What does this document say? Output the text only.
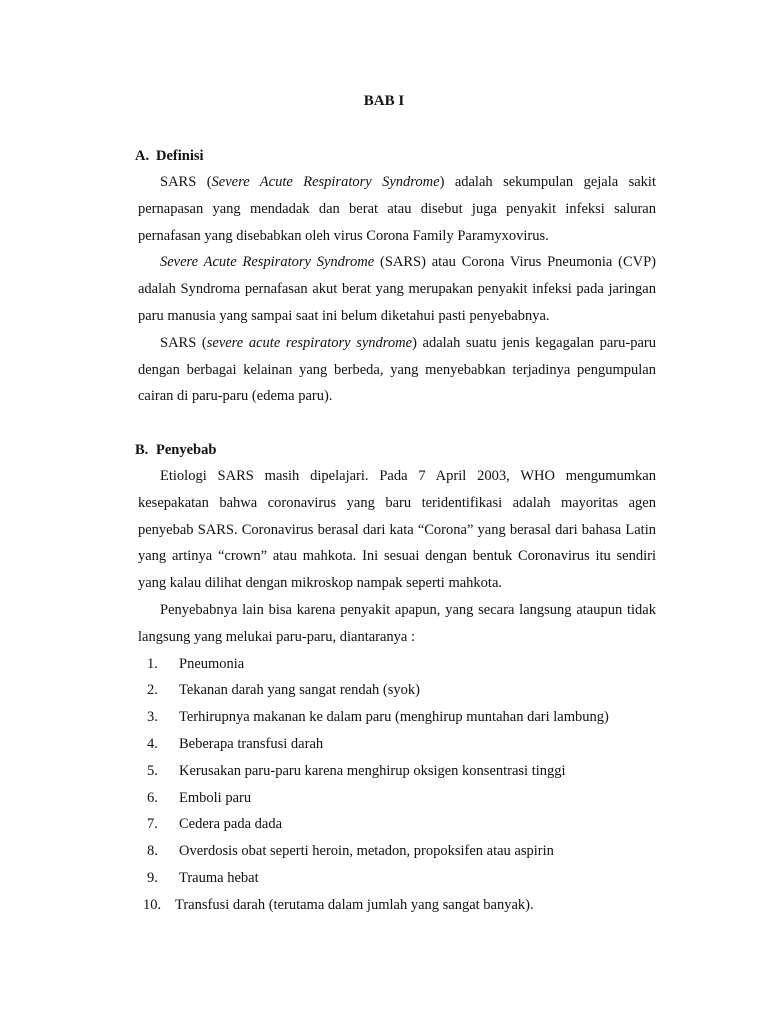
BAB I
A. Definisi

SARS (Severe Acute Respiratory Syndrome) adalah sekumpulan gejala sakit pernapasan yang mendadak dan berat atau disebut juga penyakit infeksi saluran pernafasan yang disebabkan oleh virus Corona Family Paramyxovirus.

Severe Acute Respiratory Syndrome (SARS) atau Corona Virus Pneumonia (CVP) adalah Syndroma pernafasan akut berat yang merupakan penyakit infeksi pada jaringan paru manusia yang sampai saat ini belum diketahui pasti penyebabnya.

SARS (severe acute respiratory syndrome) adalah suatu jenis kegagalan paru-paru dengan berbagai kelainan yang berbeda, yang menyebabkan terjadinya pengumpulan cairan di paru-paru (edema paru).

B. Penyebab

Etiologi SARS masih dipelajari. Pada 7 April 2003, WHO mengumumkan kesepakatan bahwa coronavirus yang baru teridentifikasi adalah mayoritas agen penyebab SARS. Coronavirus berasal dari kata “Corona” yang berasal dari bahasa Latin yang artinya “crown” atau mahkota. Ini sesuai dengan bentuk Coronavirus itu sendiri yang kalau dilihat dengan mikroskop nampak seperti mahkota.

Penyebabnya lain bisa karena penyakit apapun, yang secara langsung ataupun tidak langsung yang melukai paru-paru, diantaranya :

1. Pneumonia
2. Tekanan darah yang sangat rendah (syok)
3. Terhirupnya makanan ke dalam paru (menghirup muntahan dari lambung)
4. Beberapa transfusi darah
5. Kerusakan paru-paru karena menghirup oksigen konsentrasi tinggi
6. Emboli paru
7. Cedera pada dada
8. Overdosis obat seperti heroin, metadon, propoksifen atau aspirin
9. Trauma hebat
10. Transfusi darah (terutama dalam jumlah yang sangat banyak).
